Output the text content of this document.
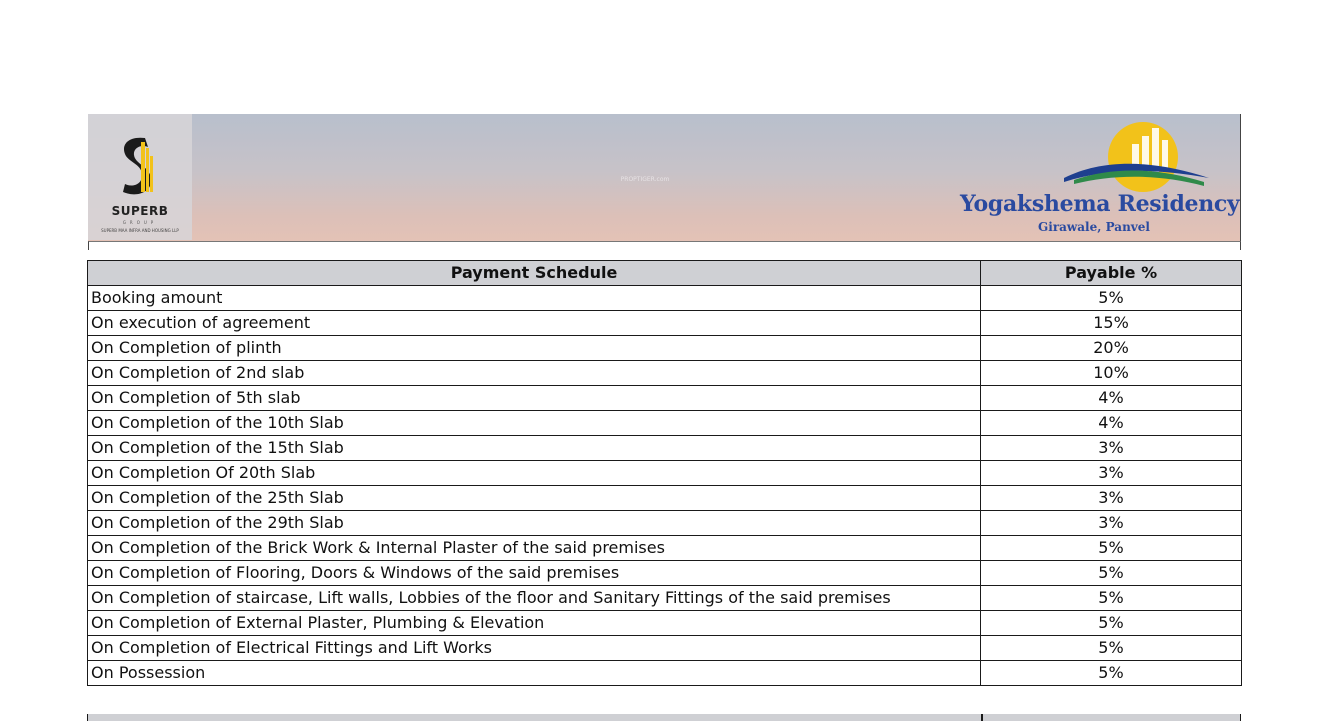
SUPERB
GROUP
SUPERB MAA INFRA AND HOUSING LLP
PROPTIGER.com
Yogakshema Residency
Girawale, Panvel
Payment Schedule	Payable %
Booking amount	5%
On execution of agreement	15%
On Completion of plinth	20%
On Completion of 2nd slab	10%
On Completion of 5th slab	4%
On Completion of the 10th Slab	4%
On Completion of the 15th Slab	3%
On Completion Of 20th Slab	3%
On Completion of the 25th Slab	3%
On Completion of the 29th Slab	3%
On Completion of the Brick Work & Internal Plaster of the said premises	5%
On Completion of Flooring, Doors & Windows of the said premises	5%
On Completion of staircase, Lift walls, Lobbies of the floor and Sanitary Fittings of the said premises	5%
On Completion of External Plaster, Plumbing & Elevation	5%
On Completion of Electrical Fittings and Lift Works	5%
On Possession	5%
